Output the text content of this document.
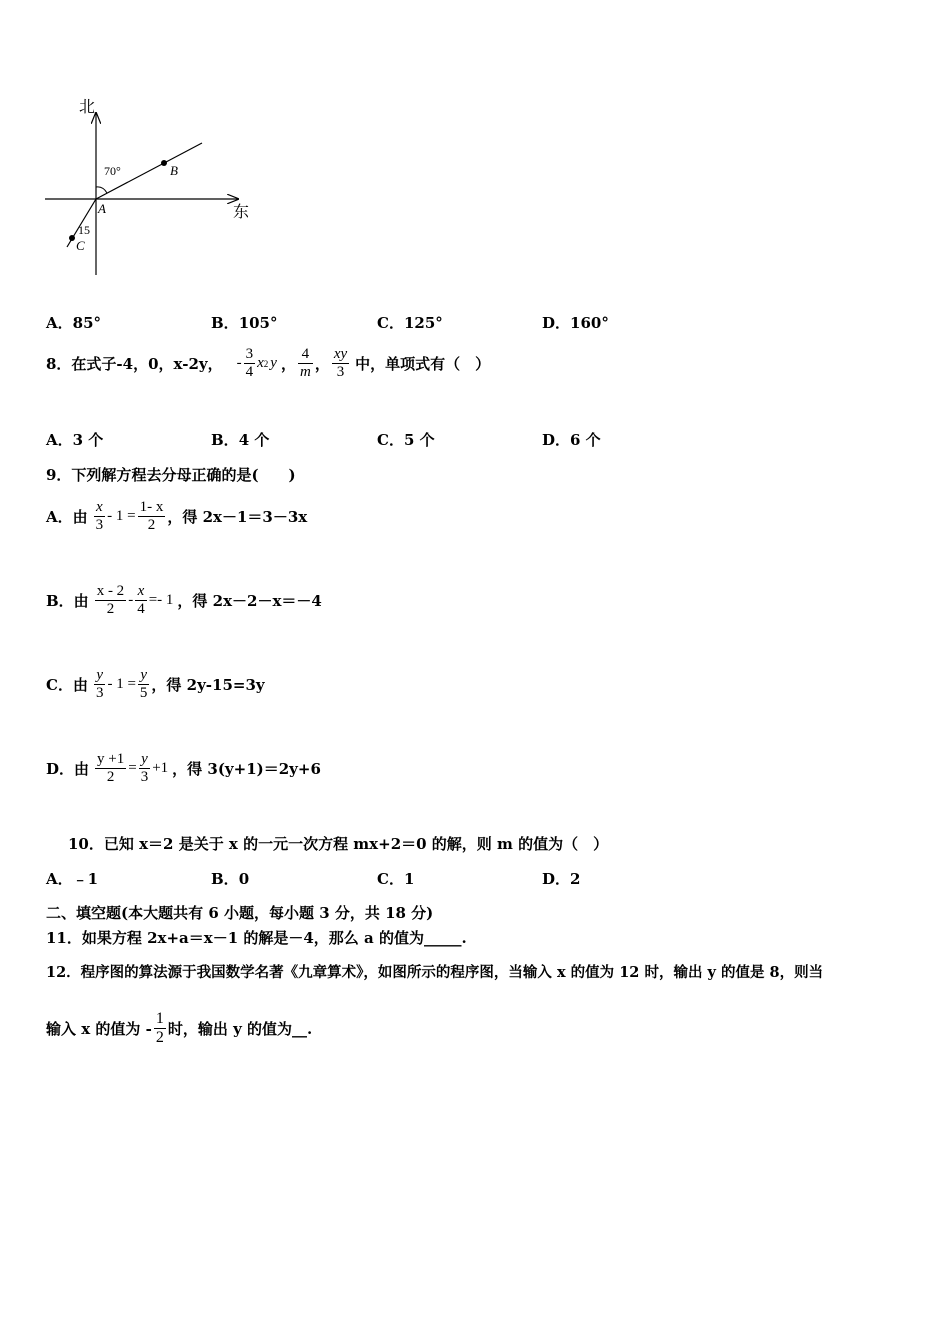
北
东
70°
15
A
B
C
A．85°	B．105°	C．125°	D．160°
8．在式子-4，0，x-2y， - $\frac{3}{4}$ x 2 y ， $\frac{4}{m}$ ， $\frac{xy}{3}$ 中，单项式有（　）
A．3 个	B．4 个	C．5 个	D．6 个
9．下列解方程去分母正确的是(　　)
A．由 $\frac{x}{3} - 1 = \frac{1- x}{2}$ ，得 2x－1＝3－3x
B．由 $\frac{x - 2}{2} - \frac{x}{4} =- 1$ ，得 2x－2－x＝－4
C．由 $\frac{y}{3} - 1 = \frac{y}{5}$ ，得 2y-15=3y
D．由 $\frac{y +1}{2} = \frac{y}{3} +1$ ，得 3(y+1)＝2y+6
10．已知 x＝2 是关于 x 的一元一次方程 mx+2＝0 的解，则 m 的值为（　）
A．﹣1	B．0	C．1	D．2
二、填空题(本大题共有 6 小题，每小题 3 分，共 18 分)
11．如果方程 2x+a＝x－1 的解是－4，那么 a 的值为_____.
12．程序图的算法源于我国数学名著《九章算术》，如图所示的程序图，当输入 x 的值为 12 时，输出 y 的值是 8，则当
输入 x 的值为 - $\frac{1}{2}$ 时，输出 y 的值为__.
